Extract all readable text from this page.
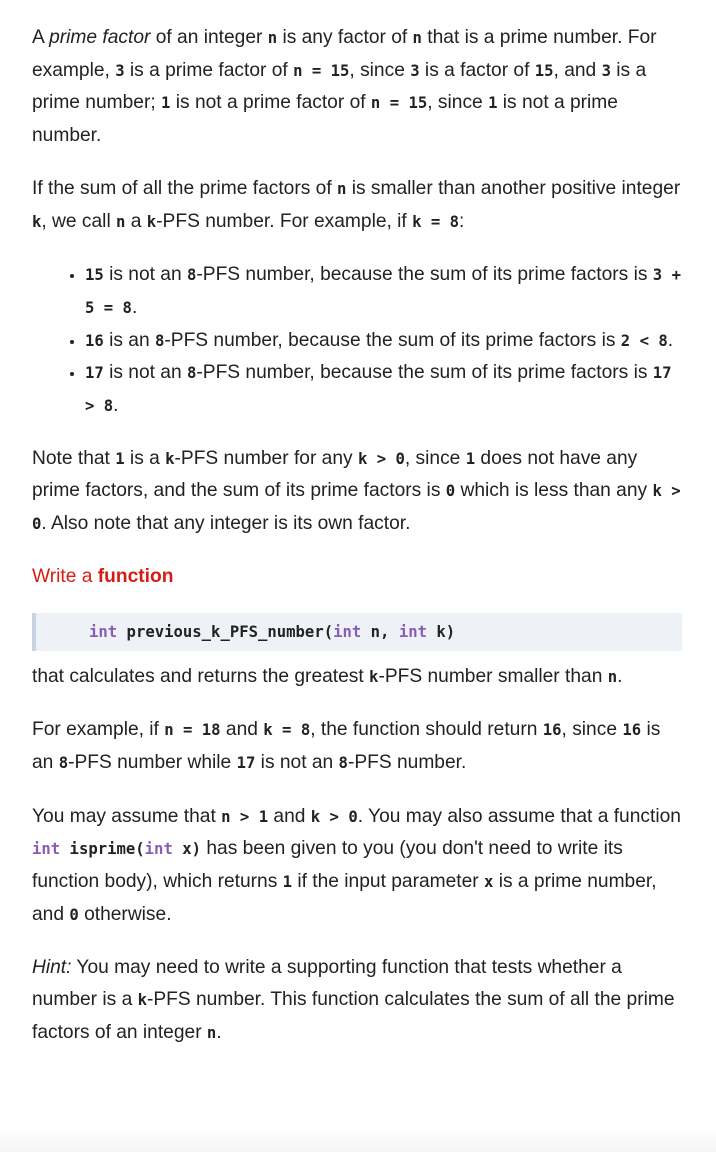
A prime factor of an integer n is any factor of n that is a prime number. For example, 3 is a prime factor of n = 15, since 3 is a factor of 15, and 3 is a prime number; 1 is not a prime factor of n = 15, since 1 is not a prime number.

If the sum of all the prime factors of n is smaller than another positive integer k, we call n a k-PFS number. For example, if k = 8:

• 15 is not an 8-PFS number, because the sum of its prime factors is 3 + 5 = 8.
• 16 is an 8-PFS number, because the sum of its prime factors is 2 < 8.
• 17 is not an 8-PFS number, because the sum of its prime factors is 17 > 8.

Note that 1 is a k-PFS number for any k > 0, since 1 does not have any prime factors, and the sum of its prime factors is 0 which is less than any k > 0. Also note that any integer is its own factor.

Write a function

int previous_k_PFS_number(int n, int k)

that calculates and returns the greatest k-PFS number smaller than n.

For example, if n = 18 and k = 8, the function should return 16, since 16 is an 8-PFS number while 17 is not an 8-PFS number.

You may assume that n > 1 and k > 0. You may also assume that a function int isprime(int x) has been given to you (you don't need to write its function body), which returns 1 if the input parameter x is a prime number, and 0 otherwise.

Hint: You may need to write a supporting function that tests whether a number is a k-PFS number. This function calculates the sum of all the prime factors of an integer n.
